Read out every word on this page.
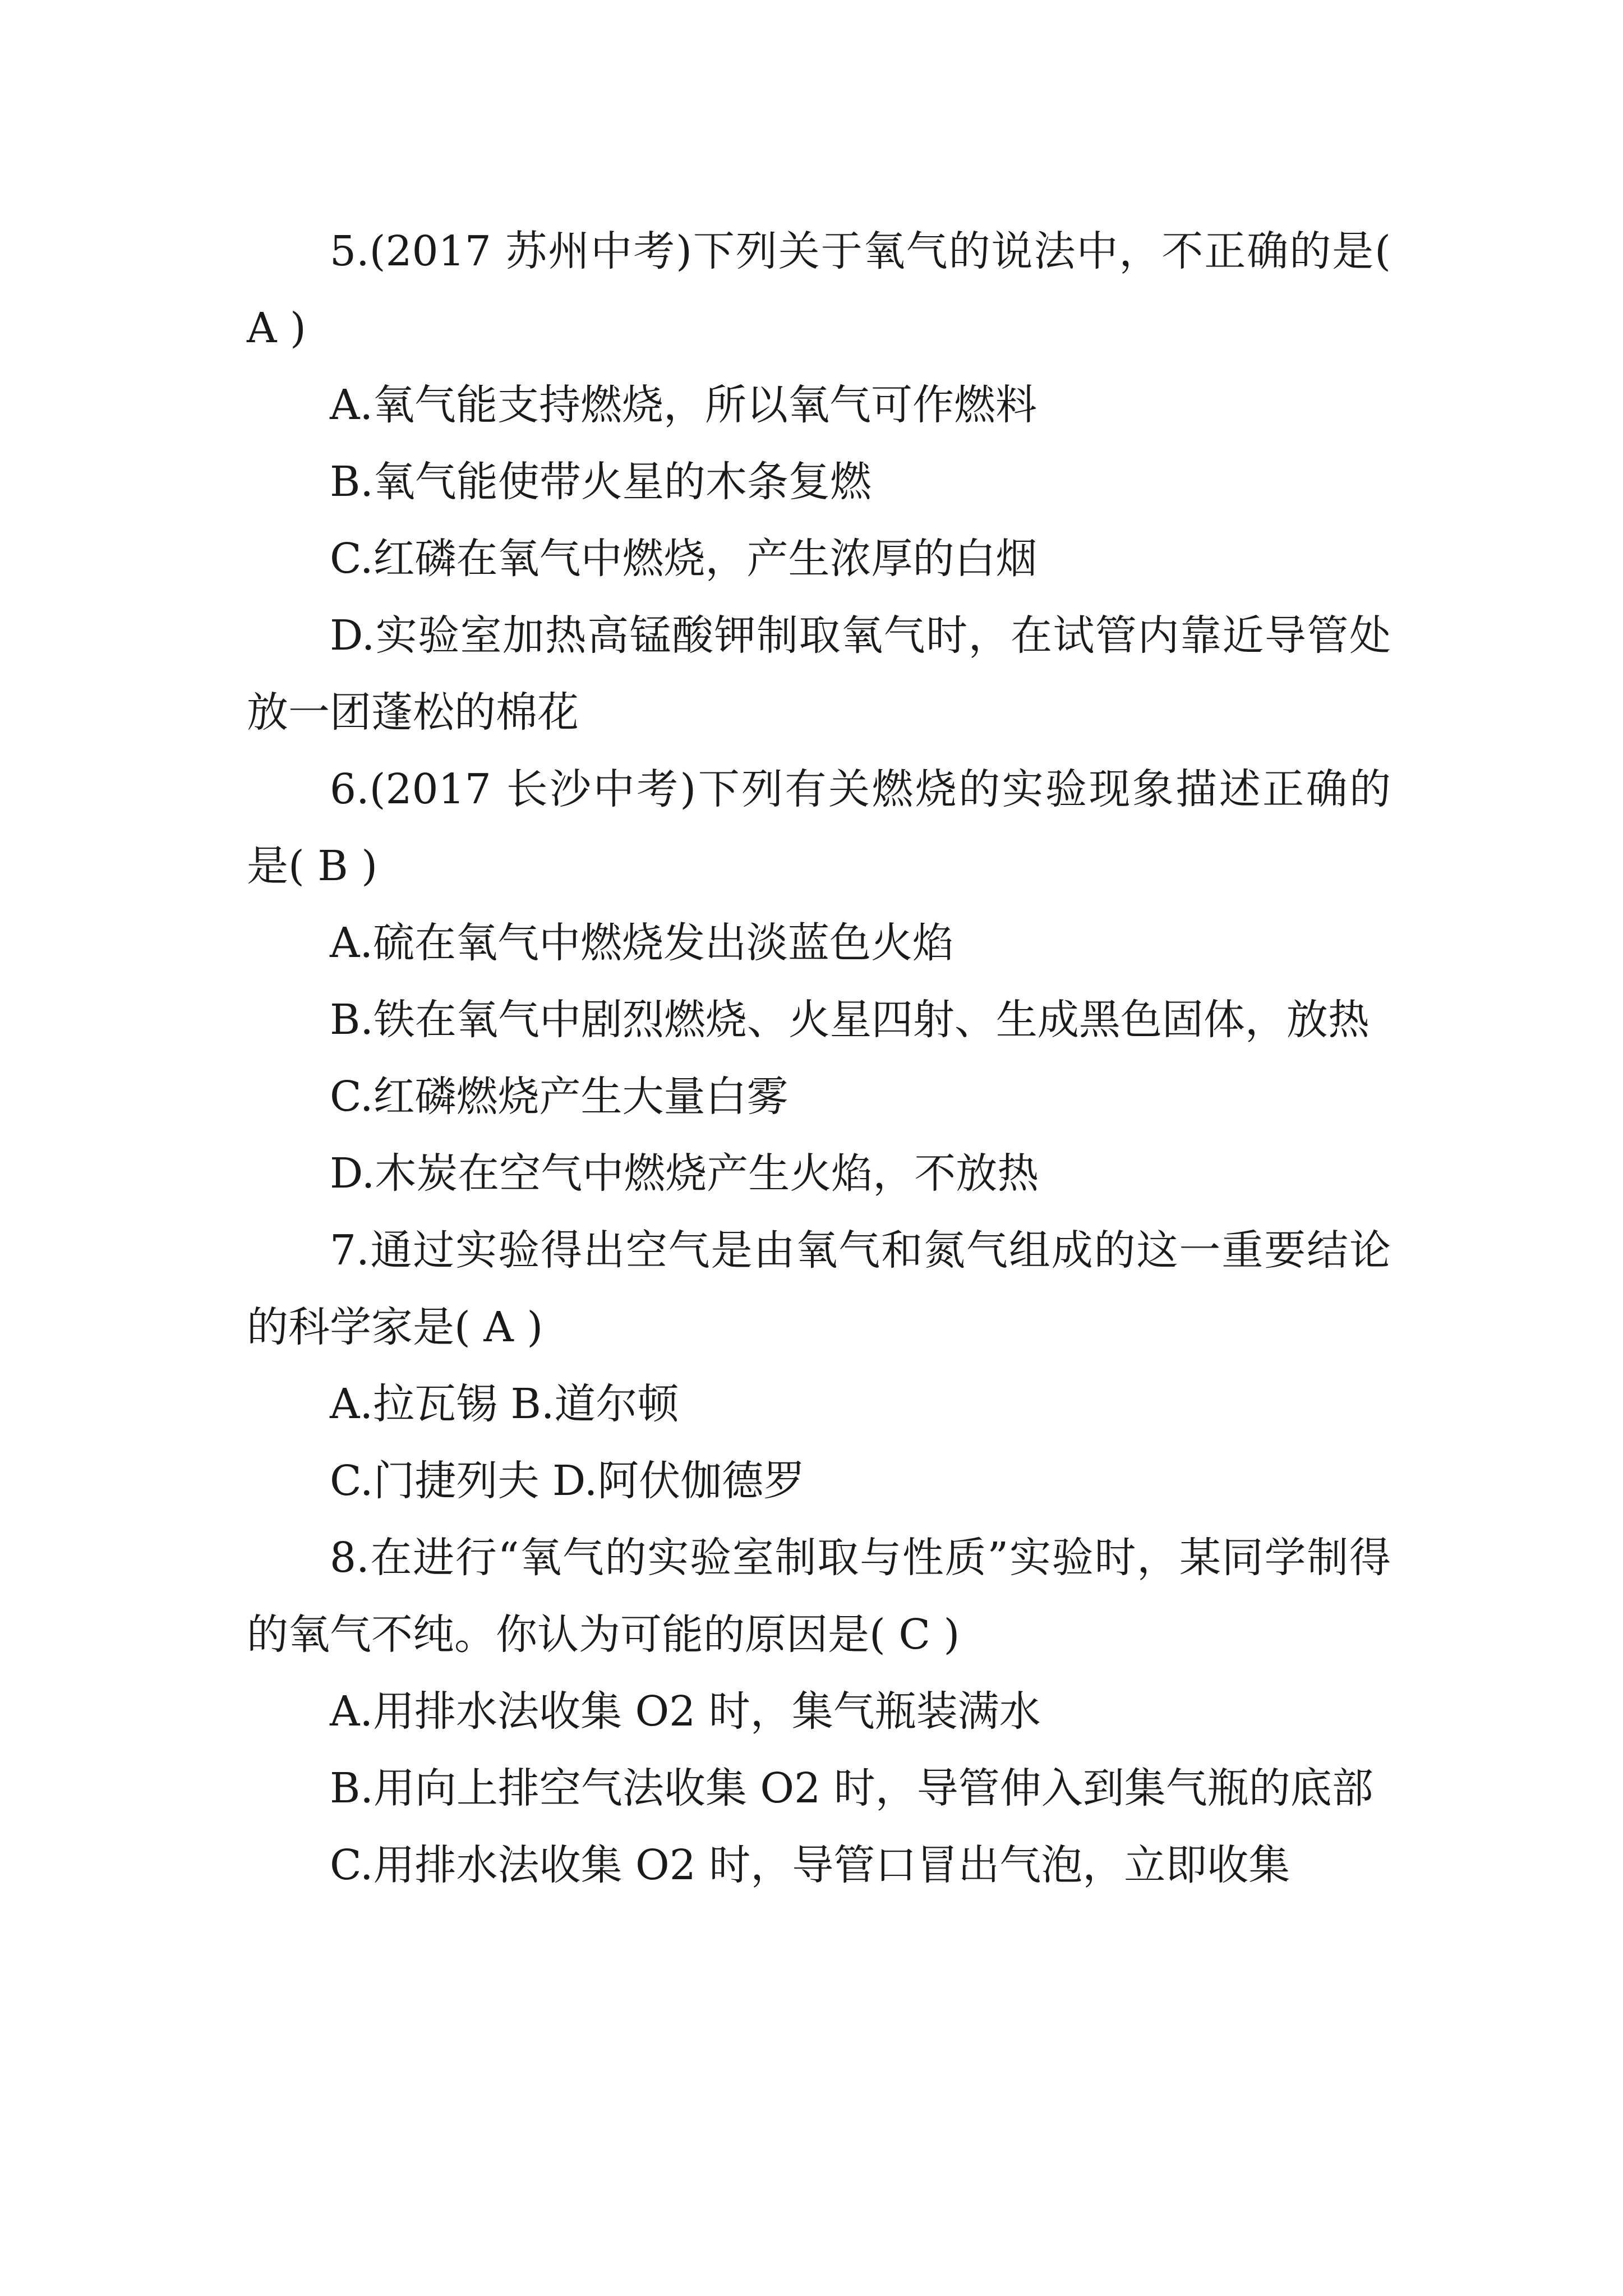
5.(2017 苏州中考)下列关于氧气的说法中，不正确的是( A )

A.氧气能支持燃烧，所以氧气可作燃料

B.氧气能使带火星的木条复燃

C.红磷在氧气中燃烧，产生浓厚的白烟

D.实验室加热高锰酸钾制取氧气时，在试管内靠近导管处放一团蓬松的棉花

6.(2017 长沙中考)下列有关燃烧的实验现象描述正确的是( B )

A.硫在氧气中燃烧发出淡蓝色火焰

B.铁在氧气中剧烈燃烧、火星四射、生成黑色固体，放热

C.红磷燃烧产生大量白雾

D.木炭在空气中燃烧产生火焰，不放热

7.通过实验得出空气是由氧气和氮气组成的这一重要结论的科学家是( A )

A.拉瓦锡 B.道尔顿

C.门捷列夫 D.阿伏伽德罗

8.在进行“氧气的实验室制取与性质”实验时，某同学制得的氧气不纯。你认为可能的原因是( C )

A.用排水法收集 O2 时，集气瓶装满水

B.用向上排空气法收集 O2 时，导管伸入到集气瓶的底部

C.用排水法收集 O2 时，导管口冒出气泡，立即收集
